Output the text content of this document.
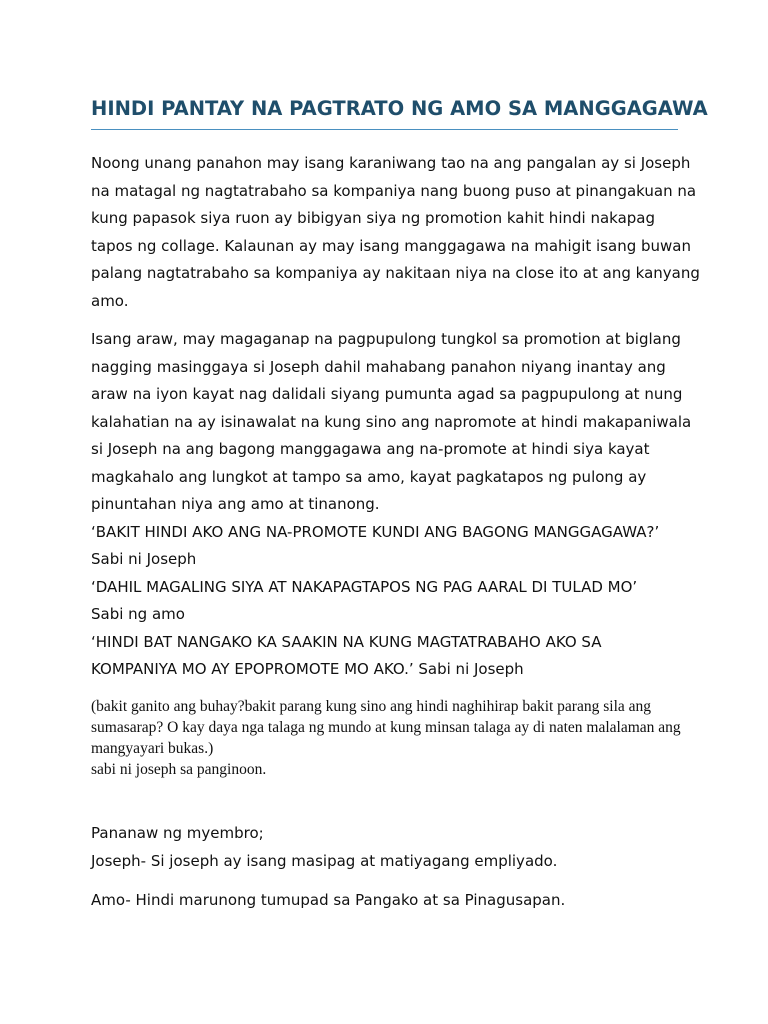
HINDI PANTAY NA PAGTRATO NG AMO SA MANGGAGAWA

Noong unang panahon may isang karaniwang tao na ang pangalan ay si Joseph

na matagal ng nagtatrabaho sa kompaniya nang buong puso at pinangakuan na

kung papasok siya ruon ay bibigyan siya ng promotion kahit hindi nakapag

tapos ng collage. Kalaunan ay may isang manggagawa na mahigit isang buwan

palang nagtatrabaho sa kompaniya ay nakitaan niya na close ito at ang kanyang

amo.

Isang araw, may magaganap na pagpupulong tungkol sa promotion at biglang

nagging masinggaya si Joseph dahil mahabang panahon niyang inantay ang

araw na iyon kayat nag dalidali siyang pumunta agad sa pagpupulong at nung

kalahatian na ay isinawalat na kung sino ang napromote at hindi makapaniwala

si Joseph na ang bagong manggagawa ang na-promote at hindi siya kayat

magkahalo ang lungkot at tampo sa amo, kayat pagkatapos ng pulong ay

pinuntahan niya ang amo at tinanong.

‘BAKIT HINDI AKO ANG NA-PROMOTE KUNDI ANG BAGONG MANGGAGAWA?’

Sabi ni Joseph

‘DAHIL MAGALING SIYA AT NAKAPAGTAPOS NG PAG AARAL DI TULAD MO’

Sabi ng amo

‘HINDI BAT NANGAKO KA SAAKIN NA KUNG MAGTATRABAHO AKO SA

KOMPANIYA MO AY EPOPROMOTE MO AKO.’ Sabi ni Joseph

(bakit ganito ang buhay?bakit parang kung sino ang hindi naghihirap bakit parang sila ang

sumasarap? O kay daya nga talaga ng mundo at kung minsan talaga ay di naten malalaman ang

mangyayari bukas.)

sabi ni joseph sa panginoon.

Pananaw ng myembro;

Joseph- Si joseph ay isang masipag at matiyagang empliyado.

Amo- Hindi marunong tumupad sa Pangako at sa Pinagusapan.
